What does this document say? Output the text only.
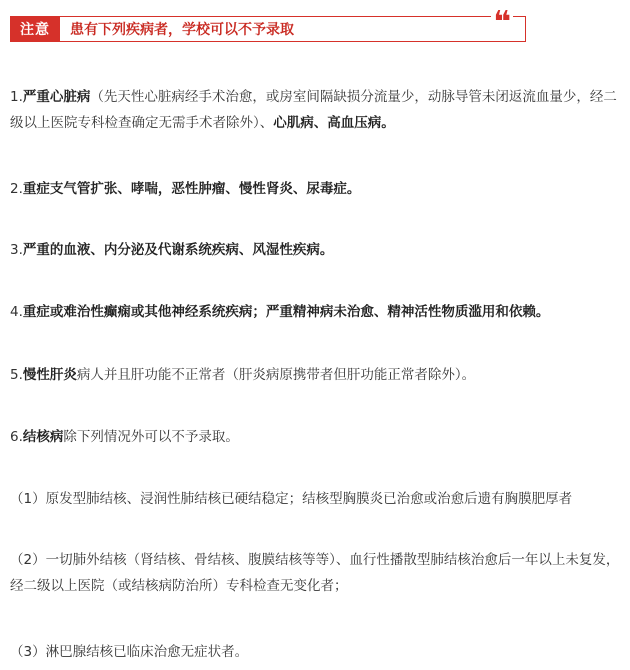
注意	患有下列疾病者，学校可以不予录取	❝

1.严重心脏病（先天性心脏病经手术治愈，或房室间隔缺损分流量少，动脉导管未闭返流血量少，经二级以上医院专科检查确定无需手术者除外）、心肌病、高血压病。

2.重症支气管扩张、哮喘，恶性肿瘤、慢性肾炎、尿毒症。

3.严重的血液、内分泌及代谢系统疾病、风湿性疾病。

4.重症或难治性癫痫或其他神经系统疾病；严重精神病未治愈、精神活性物质滥用和依赖。

5.慢性肝炎病人并且肝功能不正常者（肝炎病原携带者但肝功能正常者除外）。

6.结核病除下列情况外可以不予录取。

（1）原发型肺结核、浸润性肺结核已硬结稳定；结核型胸膜炎已治愈或治愈后遗有胸膜肥厚者

（2）一切肺外结核（肾结核、骨结核、腹膜结核等等）、血行性播散型肺结核治愈后一年以上未复发，经二级以上医院（或结核病防治所）专科检查无变化者；

（3）淋巴腺结核已临床治愈无症状者。
